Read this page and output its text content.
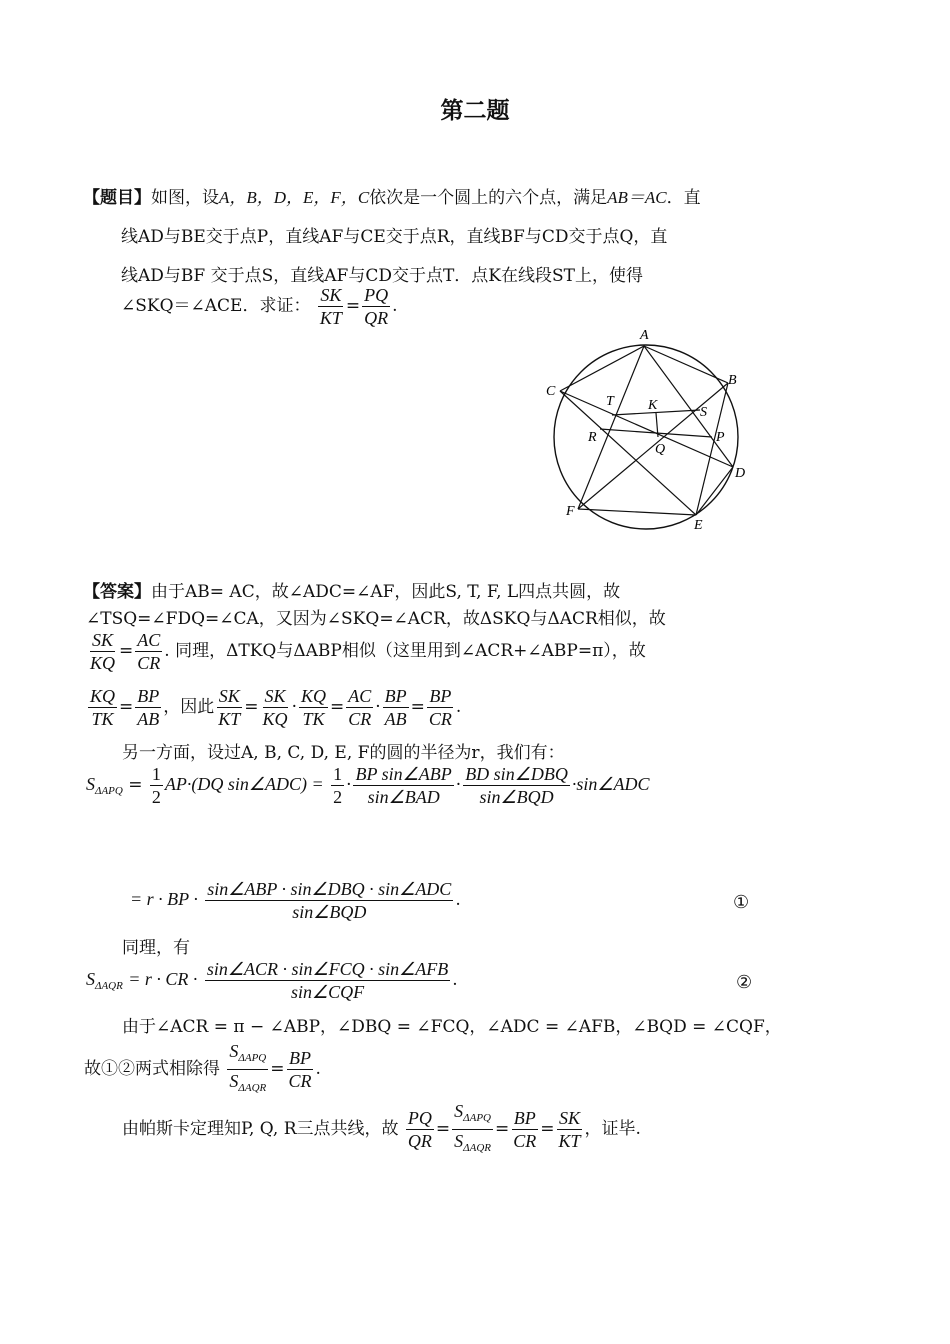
第二题
【题目】如图，设A，B，D，E，F，C依次是一个圆上的六个点，满足AB＝AC．直
线AD与BE交于点P，直线AF与CE交于点R，直线BF与CD交于点Q，直
线AD与BF 交于点S，直线AF与CD交于点T．点K在线段ST上，使得
∠SKQ＝∠ACE．求证： $\frac{SK}{KT} = \frac{PQ}{QR}$ .
A
B
C
D
E
F
P
Q
R
S
T K
【答案】由于AB= AC，故∠ADC=∠AF，因此S, T, F, L四点共圆，故
∠TSQ=∠FDQ=∠CA，又因为∠SKQ=∠ACR，故ΔSKQ与ΔACR相似，故
$\frac{SK}{KQ} = \frac{AC}{CR}$ . 同理，ΔTKQ与ΔABP相似（这里用到∠ACR+∠ABP=π），故
$\frac{KQ}{TK} = \frac{BP}{AB}$ ，因此 $\frac{SK}{KT} = \frac{SK}{KQ} \cdot \frac{KQ}{TK} = \frac{AC}{CR} \cdot \frac{BP}{AB} = \frac{BP}{CR}$ .
另一方面，设过A, B, C, D, E, F的圆的半径为r，我们有：
$S_{\Delta APQ} = \frac{1}{2} AP\cdot(DQ$ sin∠ADC) = $\frac{1}{2} \cdot \frac{\text{BP sin∠ABP}}{\text{sin∠BAD}} \cdot \frac{\text{BD sin∠DBQ}}{\text{sin∠BQD}}$ ·sin∠ADC
= r · BP · $\frac{\text{sin∠ABP · sin∠DBQ · sin∠ADC}}{\text{sin∠BQD}}$ .	①
同理，有
$S_{\Delta AQR} = r$ · CR · $\frac{\text{sin∠ACR · sin∠FCQ · sin∠AFB}}{\text{sin∠CQF}}$ .	②
由于∠ACR = π − ∠ABP，∠DBQ = ∠FCQ，∠ADC = ∠AFB，∠BQD = ∠CQF，
故①②两式相除得 $\frac{S_{\Delta APQ}}{S_{\Delta AQR}} = \frac{BP}{CR}$ .
由帕斯卡定理知P, Q, R三点共线，故 $\frac{PQ}{QR} = \frac{S_{\Delta APQ}}{S_{\Delta AQR}} = \frac{BP}{CR} = \frac{SK}{KT}$ ，证毕.
